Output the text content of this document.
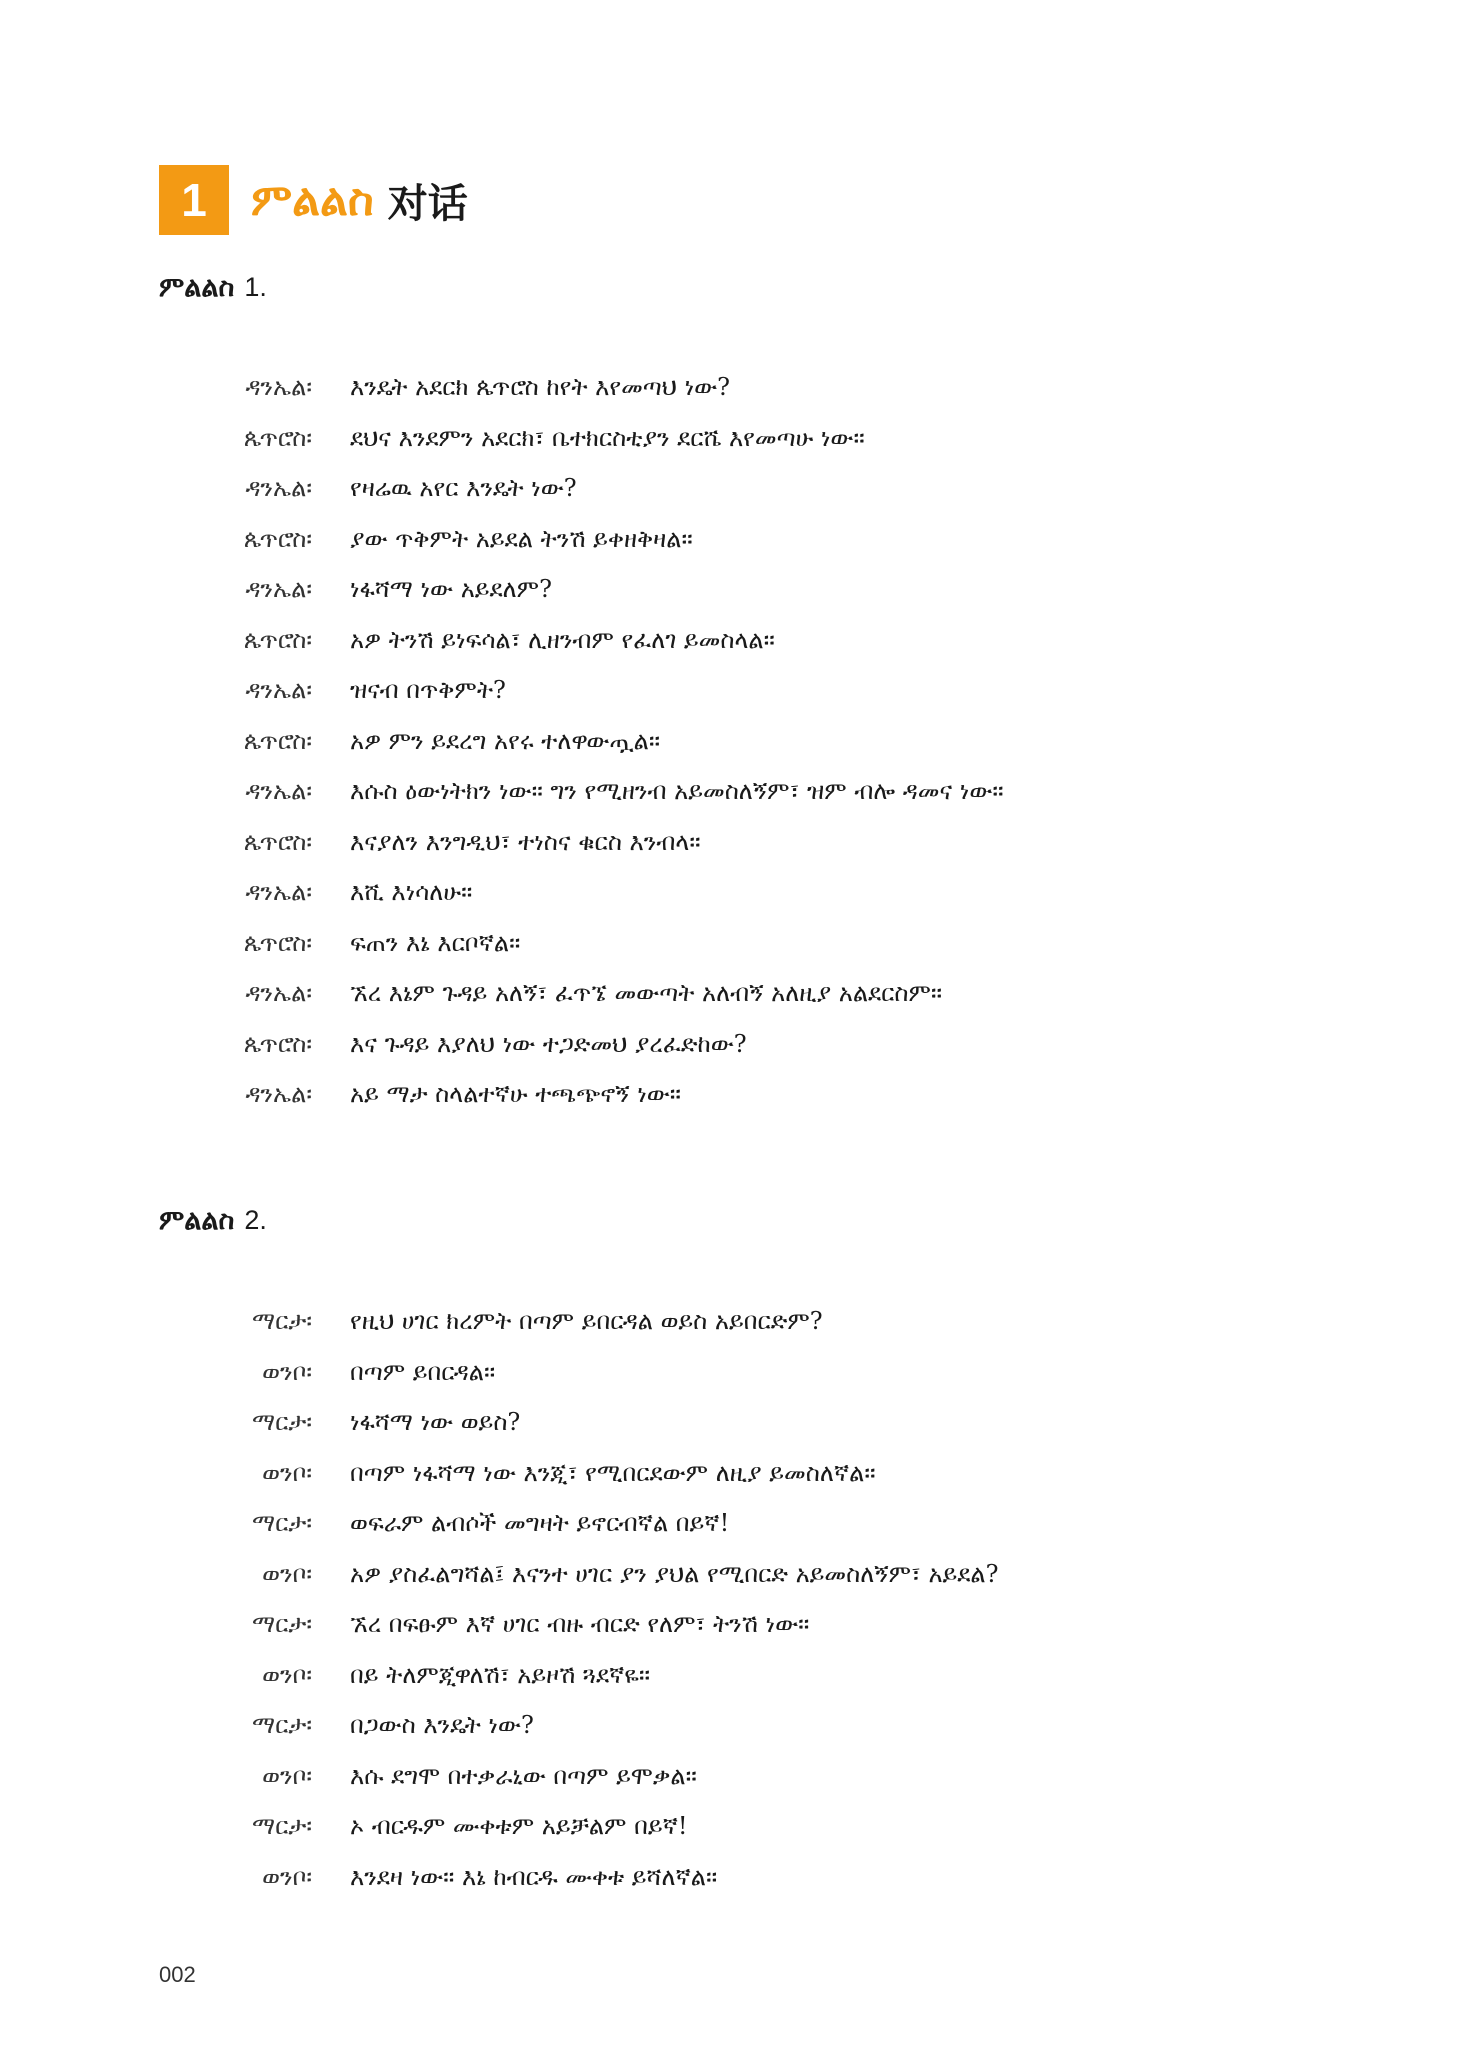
1	ምልልስ 对话
ምልልስ 1.
ዳንኤል፡ እንዴት አደርክ ጴጥሮስ ከየት እየመጣህ ነው?
ጴጥሮስ፡ ደህና እንደምን አደርክ፣ ቤተክርስቲያን ደርሼ እየመጣሁ ነው።
ዳንኤል፡ የዛሬዉ አየር እንዴት ነው?
ጴጥሮስ፡ ያው ጥቅምት አይደል ትንሽ ይቀዘቅዛል።
ዳንኤል፡ ነፋሻማ ነው አይደለም?
ጴጥሮስ፡ አዎ ትንሽ ይነፍሳል፣ ሊዘንብም የፈለገ ይመስላል።
ዳንኤል፡ ዝናብ በጥቅምት?
ጴጥሮስ፡ አዎ ምን ይደረግ አየሩ ተለዋውጧል።
ዳንኤል፡ እሱስ ዕውነትክን ነው። ግን የሚዘንብ አይመስለኝም፣ ዝም ብሎ ዳመና ነው።
ጴጥሮስ፡ እናያለን እንግዲህ፣ ተነስና ቁርስ እንብላ።
ዳንኤል፡ እሺ እነሳለሁ።
ጴጥሮስ፡ ፍጠን እኔ እርቦኛል።
ዳንኤል፡ ኧረ እኔም ጉዳይ አለኝ፣ ፈጥኜ መውጣት አለብኝ አለዚያ አልደርስም።
ጴጥሮስ፡ እና ጉዳይ እያለህ ነው ተጋድመህ ያረፈድከው?
ዳንኤል፡ አይ ማታ ስላልተኛሁ ተጫጭኖኝ ነው።
ምልልስ 2.
ማርታ፡ የዚህ ሀገር ክረምት በጣም ይበርዳል ወይስ አይበርድም?
ወንቦ፡ በጣም ይበርዳል።
ማርታ፡ ነፋሻማ ነው ወይስ?
ወንቦ፡ በጣም ነፋሻማ ነው እንጂ፣ የሚበርደውም ለዚያ ይመስለኛል።
ማርታ፡ ወፍራም ልብሶች መግዛት ይኖርብኛል በይኛ!
ወንቦ፡ አዎ ያስፈልግሻል፤ እናንተ ሀገር ያን ያህል የሚበርድ አይመስለኝም፣ አይደል?
ማርታ፡ ኧረ በፍፁም እኛ ሀገር ብዙ ብርድ የለም፣ ትንሽ ነው።
ወንቦ፡ በይ ትለምጂዋለሽ፣ አይዞሽ ጓደኛዬ።
ማርታ፡ በጋውስ እንዴት ነው?
ወንቦ፡ እሱ ደግሞ በተቃራኒው በጣም ይሞቃል።
ማርታ፡ ኦ ብርዱም ሙቀቱም አይቻልም በይኛ!
ወንቦ፡ እንደዛ ነው። እኔ ከብርዱ ሙቀቱ ይሻለኛል።
002
